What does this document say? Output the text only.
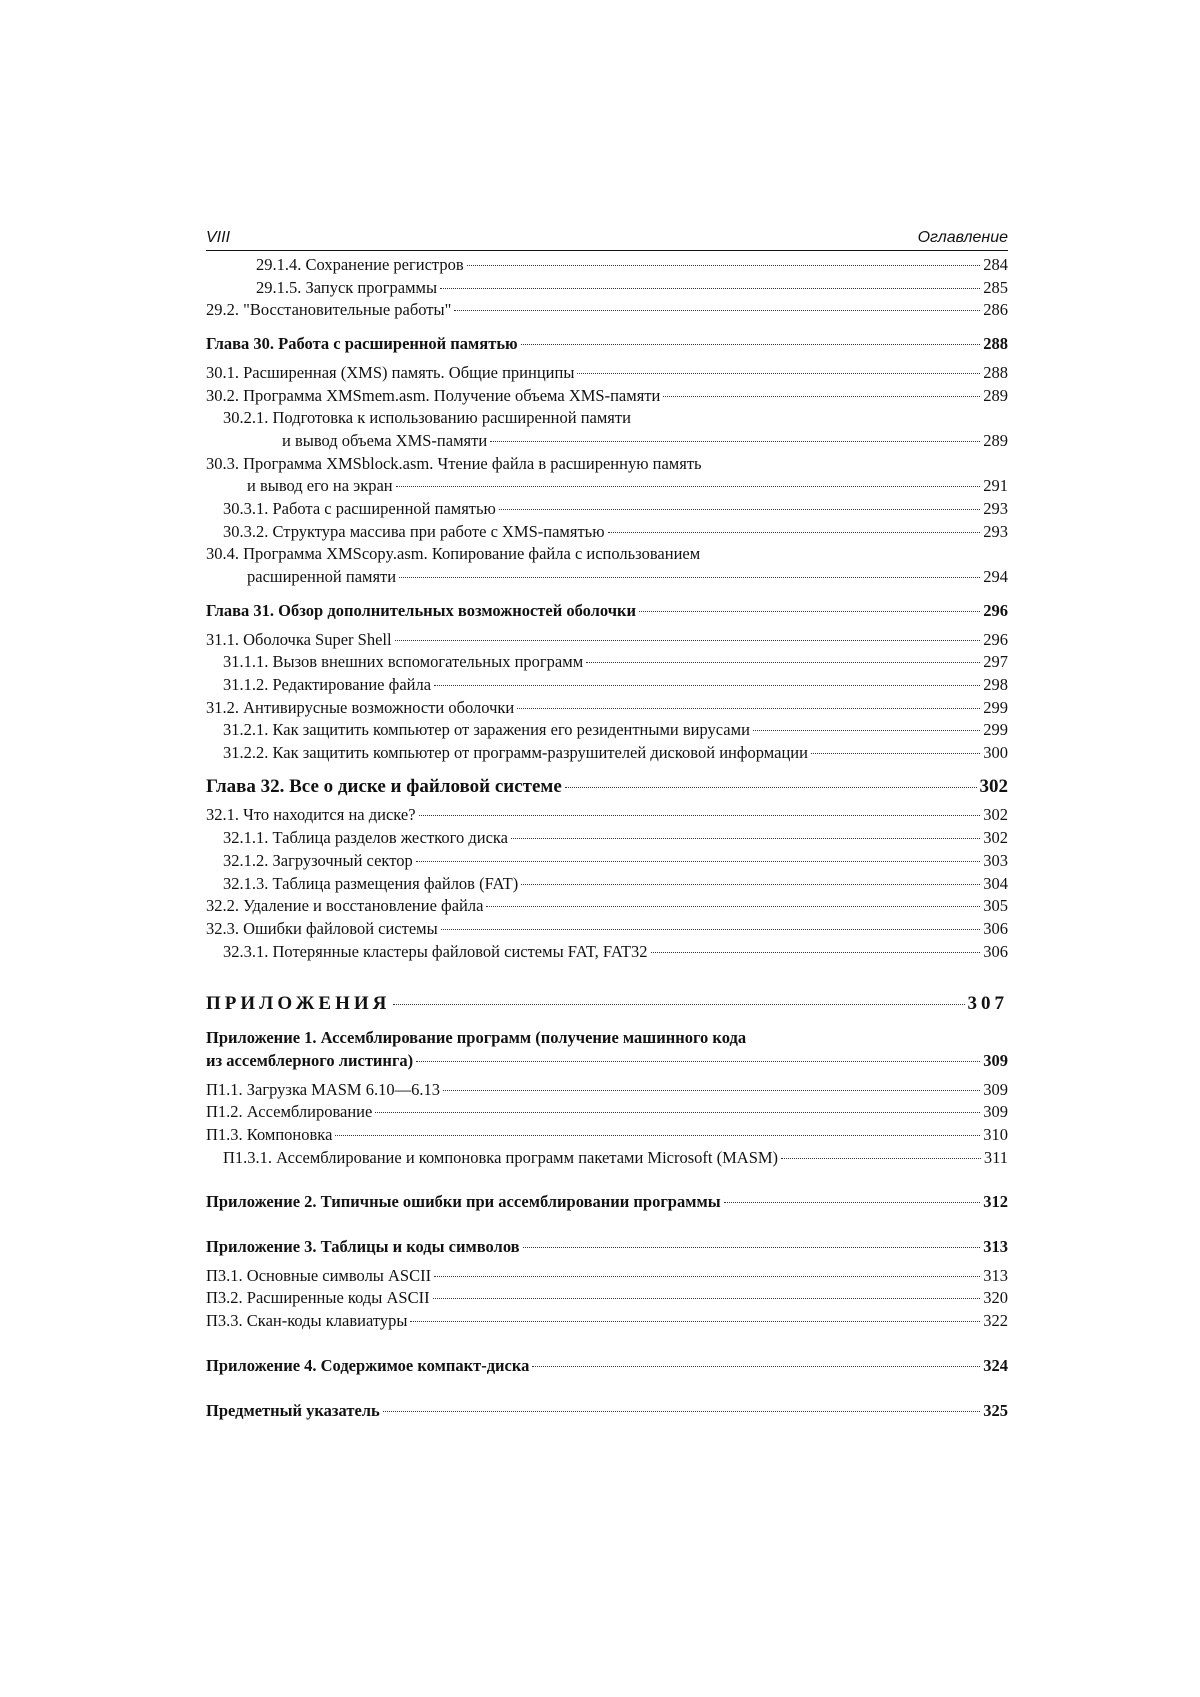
VIII	Оглавление
29.1.4. Сохранение регистров	284
29.1.5. Запуск программы	285
29.2. "Восстановительные работы"	286
Глава 30. Работа с расширенной памятью	288
30.1. Расширенная (XMS) память. Общие принципы	288
30.2. Программа XMSmem.asm. Получение объема XMS-памяти	289
30.2.1. Подготовка к использованию расширенной памяти
и вывод объема XMS-памяти	289
30.3. Программа XMSblock.asm. Чтение файла в расширенную память
и вывод его на экран	291
30.3.1. Работа с расширенной памятью	293
30.3.2. Структура массива при работе с XMS-памятью	293
30.4. Программа XMScopy.asm. Копирование файла с использованием
расширенной памяти	294
Глава 31. Обзор дополнительных возможностей оболочки	296
31.1. Оболочка Super Shell	296
31.1.1. Вызов внешних вспомогательных программ	297
31.1.2. Редактирование файла	298
31.2. Антивирусные возможности оболочки	299
31.2.1. Как защитить компьютер от заражения его резидентными вирусами	299
31.2.2. Как защитить компьютер от программ-разрушителей дисковой информации	300
Глава 32. Все о диске и файловой системе	302
32.1. Что находится на диске?	302
32.1.1. Таблица разделов жесткого диска	302
32.1.2. Загрузочный сектор	303
32.1.3. Таблица размещения файлов (FAT)	304
32.2. Удаление и восстановление файла	305
32.3. Ошибки файловой системы	306
32.3.1. Потерянные кластеры файловой системы FAT, FAT32	306
ПРИЛОЖЕНИЯ	307
Приложение 1. Ассемблирование программ (получение машинного кода
из ассемблерного листинга)	309
П1.1. Загрузка MASM 6.10—6.13	309
П1.2. Ассемблирование	309
П1.3. Компоновка	310
П1.3.1. Ассемблирование и компоновка программ пакетами Microsoft (MASM)	311
Приложение 2. Типичные ошибки при ассемблировании программы	312
Приложение 3. Таблицы и коды символов	313
П3.1. Основные символы ASCII	313
П3.2. Расширенные коды ASCII	320
П3.3. Скан-коды клавиатуры	322
Приложение 4. Содержимое компакт-диска	324
Предметный указатель	325
